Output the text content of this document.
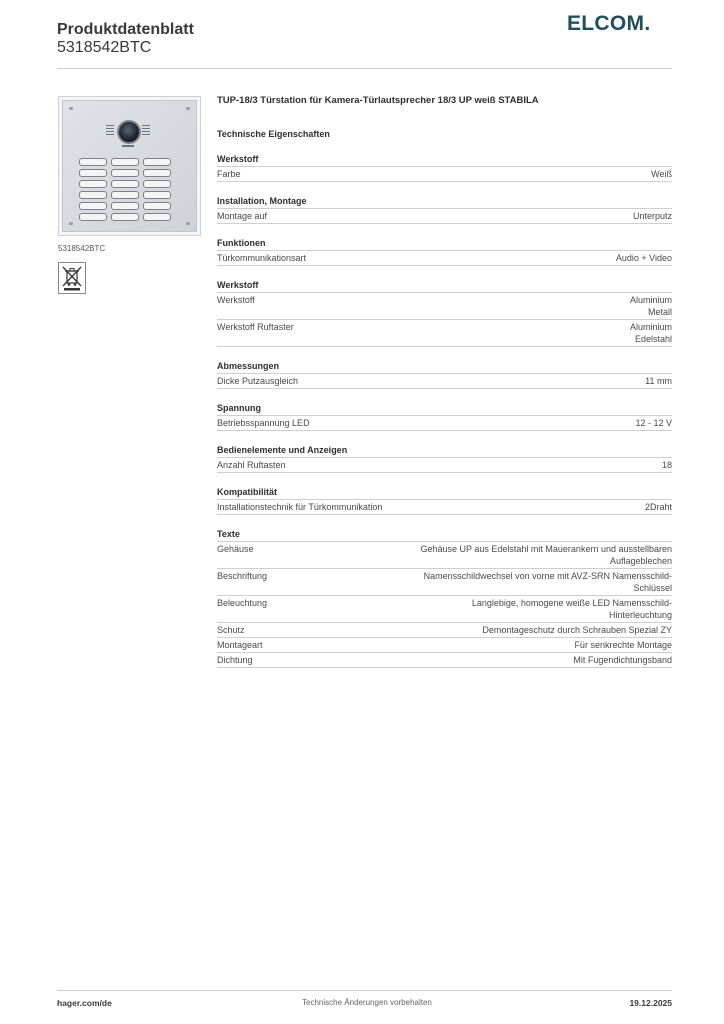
Produktdatenblatt
5318542BTC
ELCOM.
5318542BTC
TUP-18/3 Türstation für Kamera-Türlautsprecher 18/3 UP weiß STABILA
Technische Eigenschaften
Werkstoff
Farbe	Weiß
Installation, Montage
Montage auf	Unterputz
Funktionen
Türkommunikationsart	Audio + Video
Werkstoff
Werkstoff	Aluminium
Metall
Werkstoff Ruftaster	Aluminium
Edelstahl
Abmessungen
Dicke Putzausgleich	11 mm
Spannung
Betriebsspannung LED	12 - 12 V
Bedienelemente und Anzeigen
Anzahl Ruftasten	18
Kompatibilität
Installationstechnik für Türkommunikation	2Draht
Texte
Gehäuse	Gehäuse UP aus Edelstahl mit Mauerankern und ausstellbaren
Auflageblechen
Beschriftung	Namensschildwechsel von vorne mit AVZ-SRN Namensschild-
Schlüssel
Beleuchtung	Langlebige, homogene weiße LED Namensschild-
Hinterleuchtung
Schutz	Demontageschutz durch Schrauben Spezial ZY
Montageart	Für senkrechte Montage
Dichtung	Mit Fugendichtungsband
hager.com/de	Technische Änderungen vorbehalten	19.12.2025
